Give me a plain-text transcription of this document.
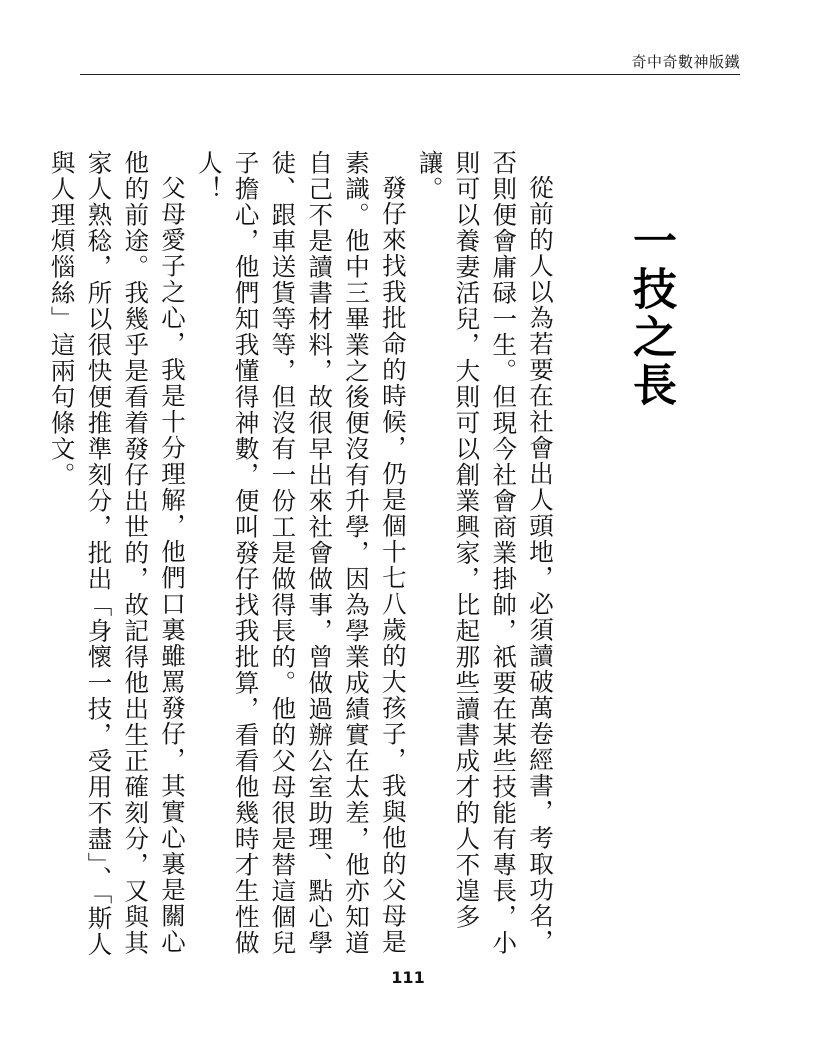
奇中奇數神版鐵
一技之長

從前的人以為若要在社會出人頭地，必須讀破萬卷經書，考取功名，否則便會庸碌一生。但現今社會商業掛帥，祇要在某些技能有專長，小則可以養妻活兒，大則可以創業興家，比起那些讀書成才的人不遑多讓。

發仔來找我批命的時候，仍是個十七八歲的大孩子，我與他的父母是素識。他中三畢業之後便沒有升學，因為學業成績實在太差，他亦知道自己不是讀書材料，故很早出來社會做事，曾做過辦公室助理、點心學徒、跟車送貨等等，但沒有一份工是做得長的。他的父母很是替這個兒子擔心，他們知我懂得神數，便叫發仔找我批算，看看他幾時才生性做人！

父母愛子之心，我是十分理解，他們口裏雖罵發仔，其實心裏是關心他的前途。我幾乎是看着發仔出世的，故記得他出生正確刻分，又與其家人熟稔，所以很快便推準刻分，批出「身懷一技，受用不盡」、「斯人與人理煩惱絲」這兩句條文。

111
